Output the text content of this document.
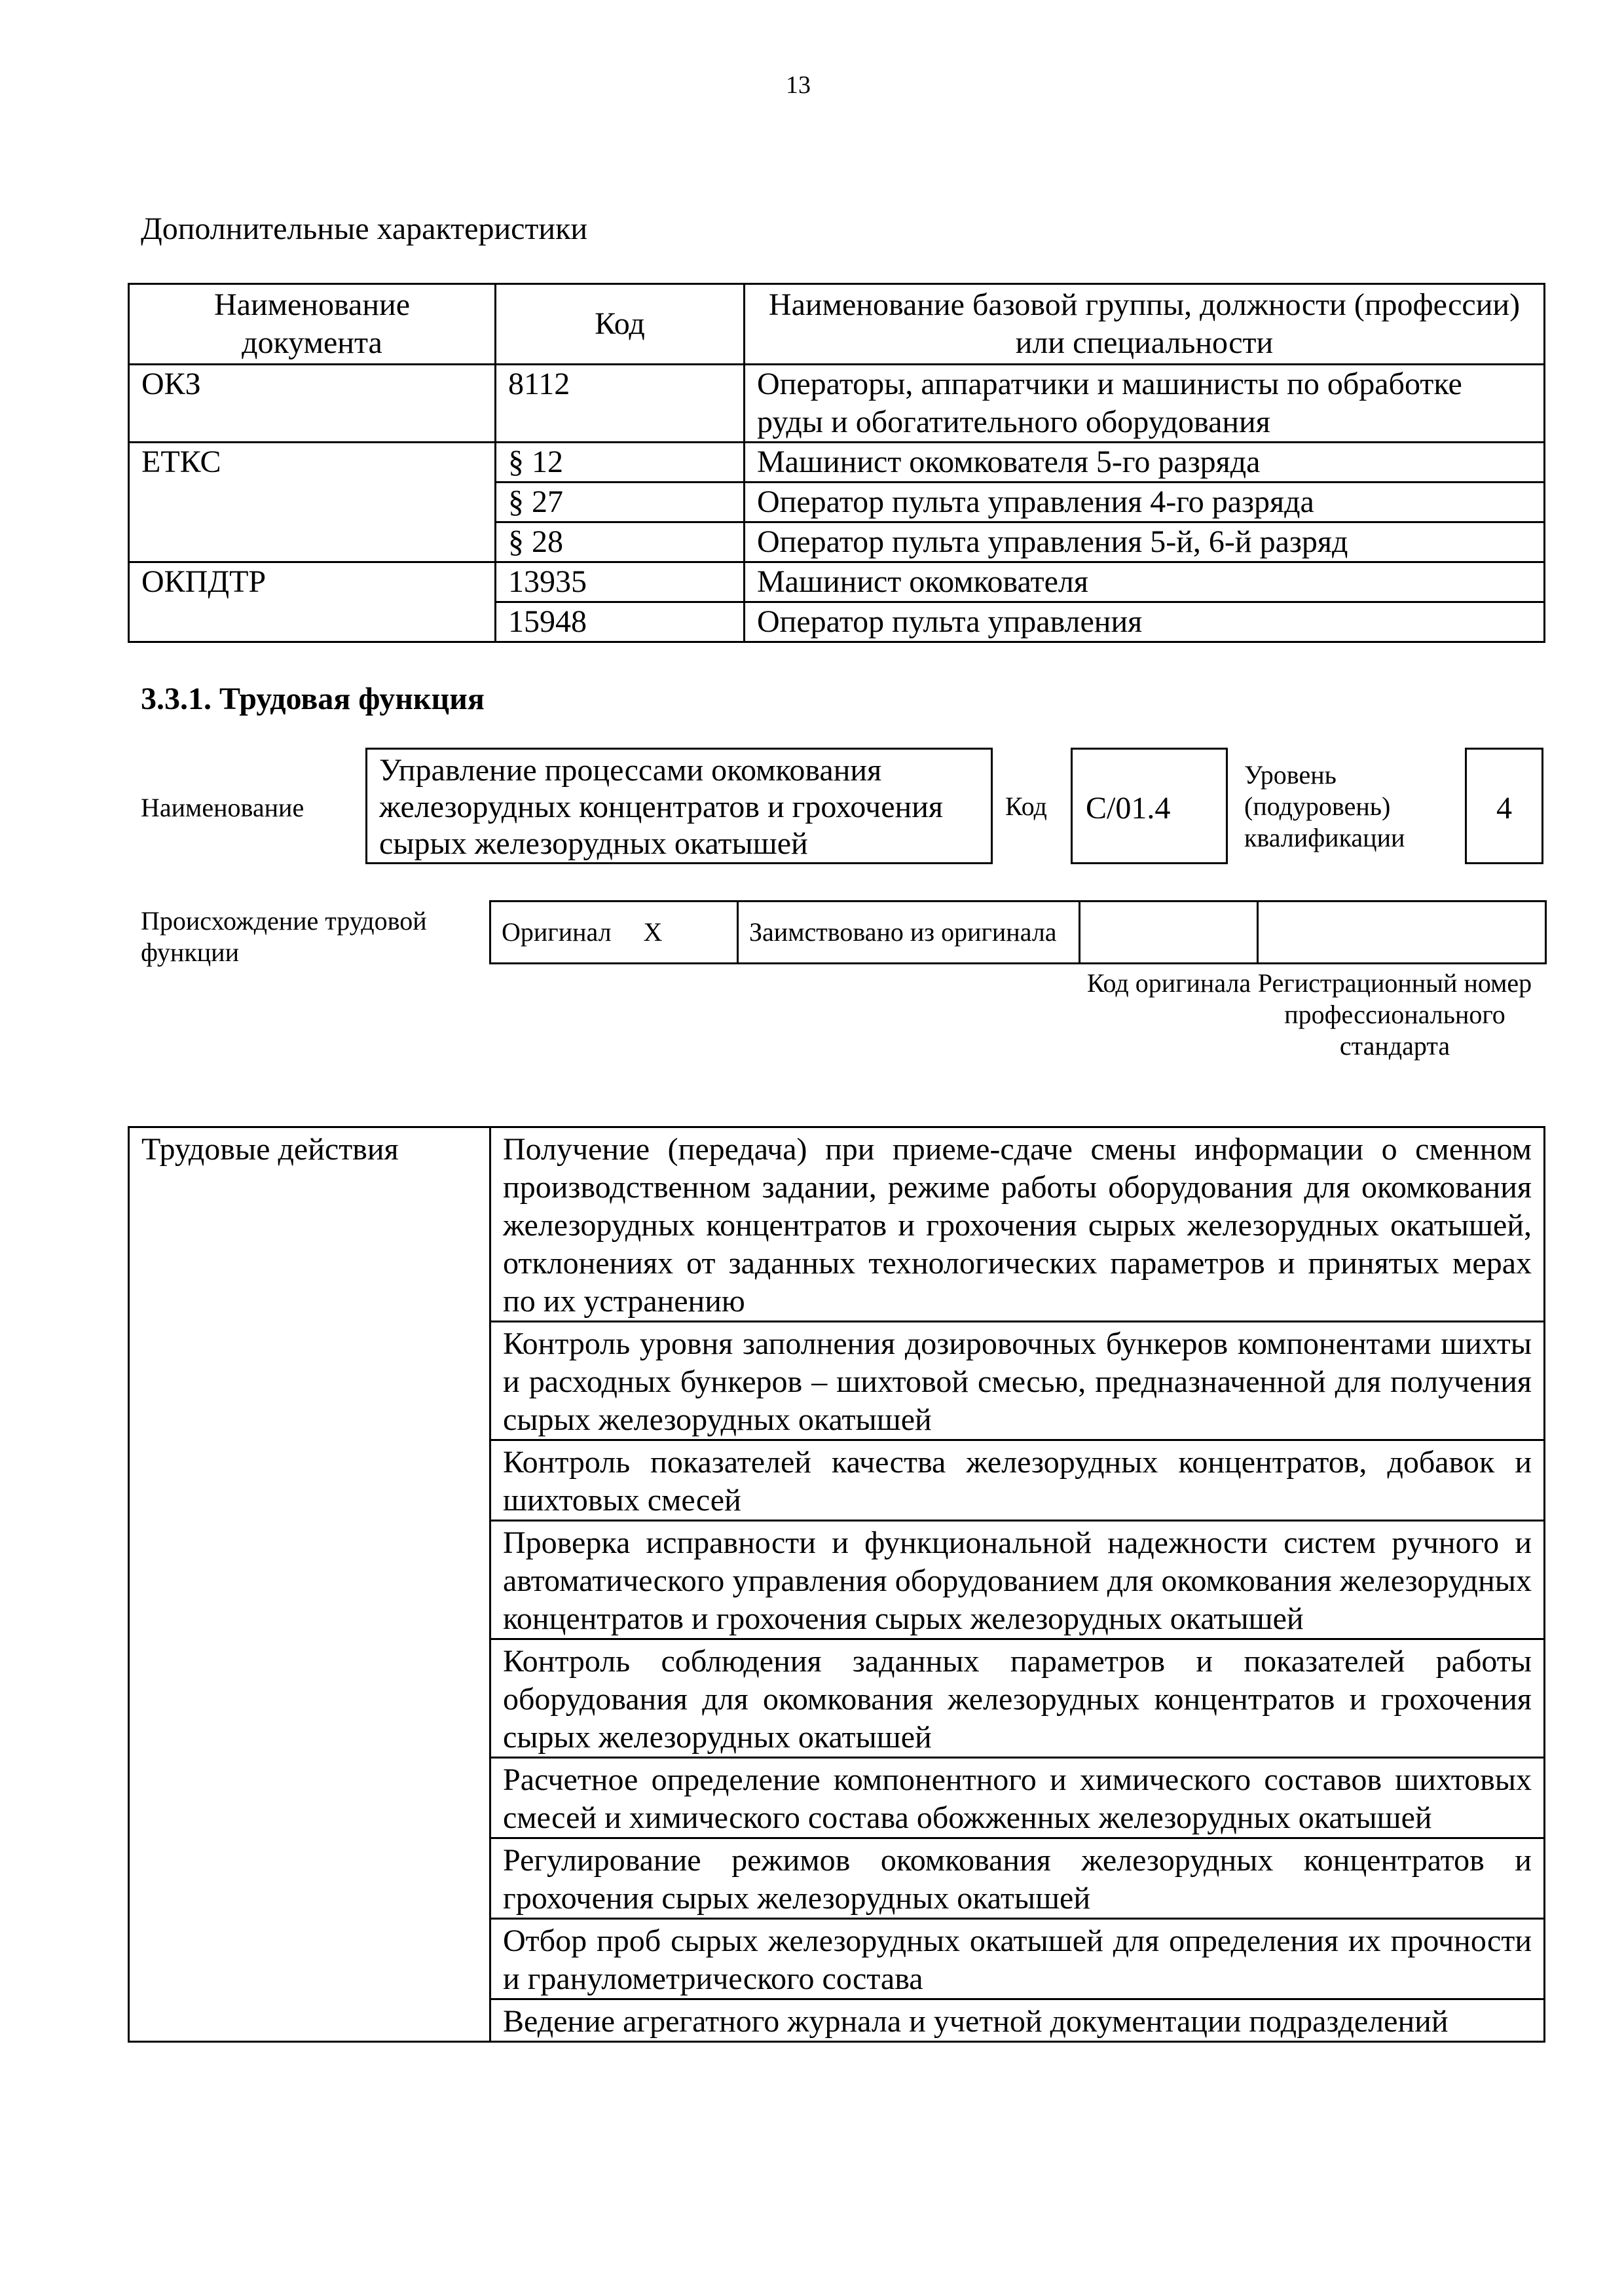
13
Дополнительные характеристики
Наименование документа	Код	Наименование базовой группы, должности (профессии) или специальности
ОКЗ	8112	Операторы, аппаратчики и машинисты по обработке руды и обогатительного оборудования
ЕТКС	§ 12	Машинист окомкователя 5-го разряда
	§ 27	Оператор пульта управления 4-го разряда
	§ 28	Оператор пульта управления 5-й, 6-й разряд
ОКПДТР	13935	Машинист окомкователя
	15948	Оператор пульта управления
3.3.1. Трудовая функция
Наименование
Управление процессами окомкования железорудных концентратов и грохочения сырых железорудных окатышей
Код	C/01.4
Уровень (подуровень) квалификации
4
Происхождение трудовой функции
Оригинал	X	Заимствовано из оригинала		
Код оригинала Регистрационный номер профессионального стандарта
Трудовые действия	Получение (передача) при приеме-сдаче смены информации о сменном производственном задании, режиме работы оборудования для окомкования железорудных концентратов и грохочения сырых железорудных окатышей, отклонениях от заданных технологических параметров и принятых мерах по их устранению
Контроль уровня заполнения дозировочных бункеров компонентами шихты и расходных бункеров – шихтовой смесью, предназначенной для получения сырых железорудных окатышей
Контроль показателей качества железорудных концентратов, добавок и шихтовых смесей
Проверка исправности и функциональной надежности систем ручного и автоматического управления оборудованием для окомкования железорудных концентратов и грохочения сырых железорудных окатышей
Контроль соблюдения заданных параметров и показателей работы оборудования для окомкования железорудных концентратов и грохочения сырых железорудных окатышей
Расчетное определение компонентного и химического составов шихтовых смесей и химического состава обожженных железорудных окатышей
Регулирование режимов окомкования железорудных концентратов и грохочения сырых железорудных окатышей
Отбор проб сырых железорудных окатышей для определения их прочности и гранулометрического состава
Ведение агрегатного журнала и учетной документации подразделений
